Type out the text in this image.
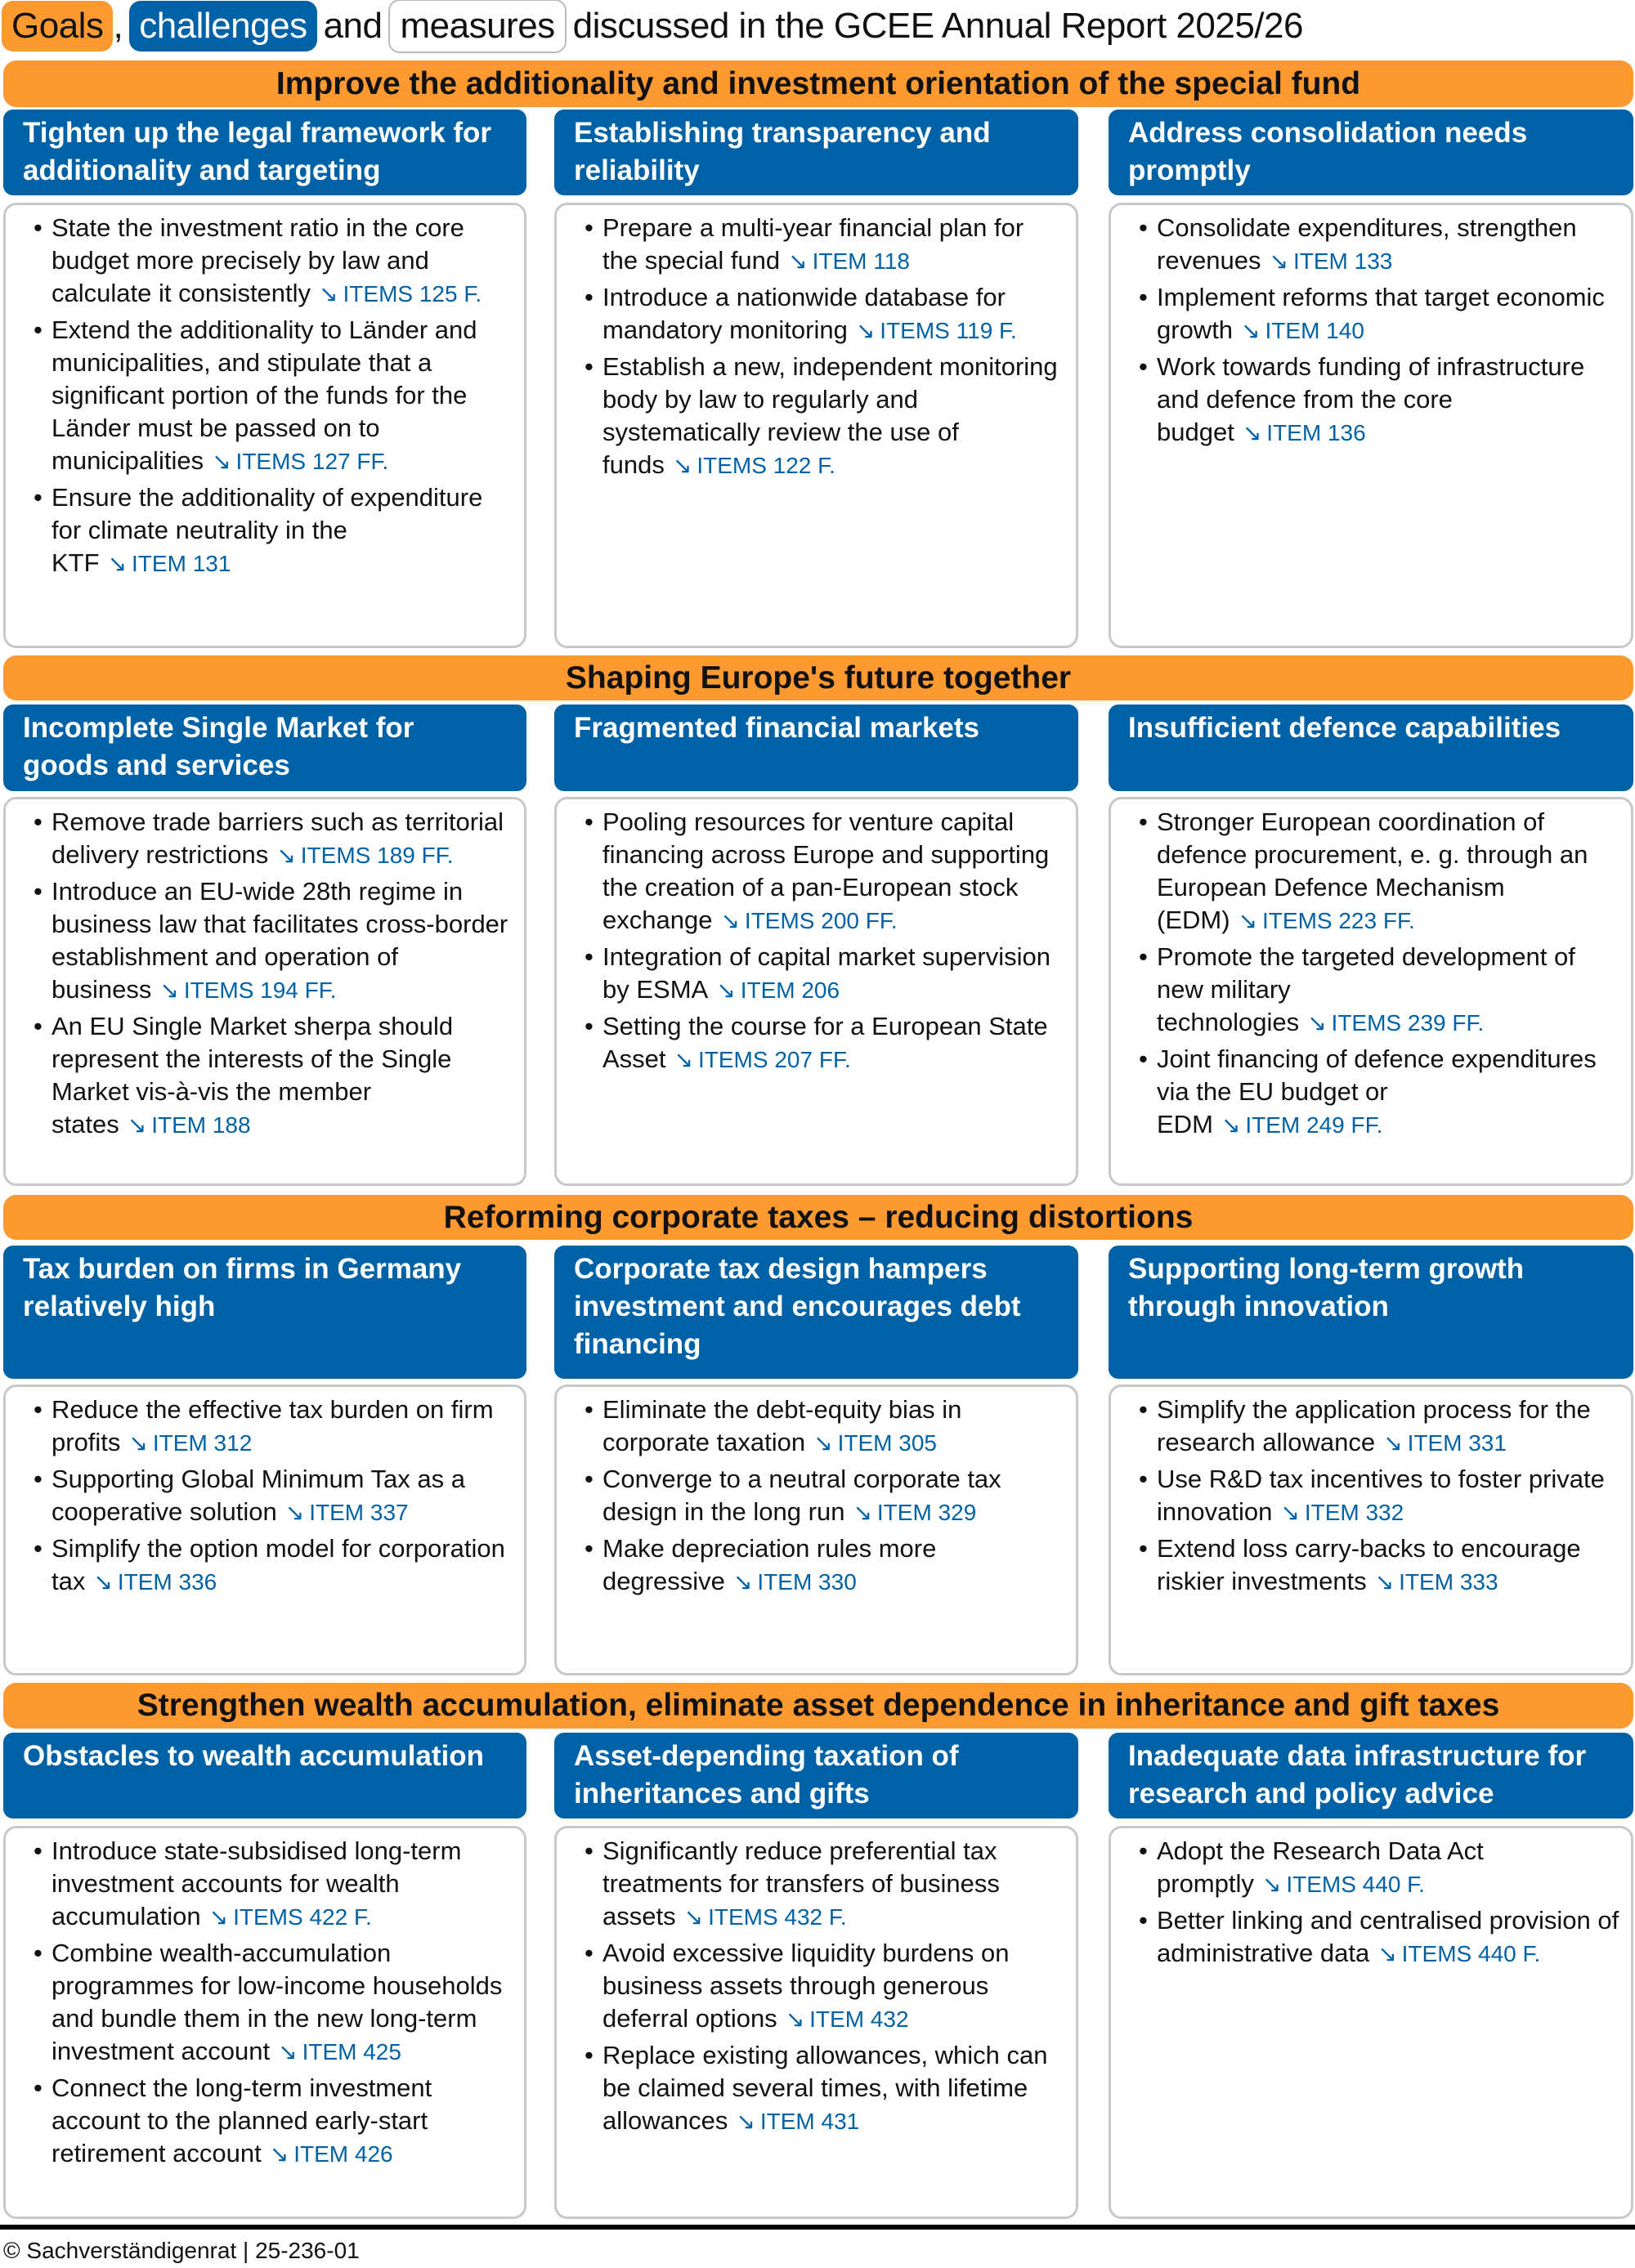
Goals , challenges and measures discussed in the GCEE Annual Report 2025/26
Improve the additionality and investment orientation of the special fund
Tighten up the legal framework for additionality and targeting
• State the investment ratio in the core budget more precisely by law and calculate it consistently ↘ ITEMS 125 F.
• Extend the additionality to Länder and municipalities, and stipulate that a significant portion of the funds for the Länder must be passed on to municipalities ↘ ITEMS 127 FF.
• Ensure the additionality of expenditure for climate neutrality in the KTF ↘ ITEM 131
Establishing transparency and reliability
• Prepare a multi-year financial plan for the special fund ↘ ITEM 118
• Introduce a nationwide database for mandatory monitoring ↘ ITEMS 119 F.
• Establish a new, independent monitoring body by law to regularly and systematically review the use of funds ↘ ITEMS 122 F.
Address consolidation needs promptly
• Consolidate expenditures, strengthen revenues ↘ ITEM 133
• Implement reforms that target economic growth ↘ ITEM 140
• Work towards funding of infrastructure and defence from the core budget ↘ ITEM 136
Shaping Europe's future together
Incomplete Single Market for goods and services
• Remove trade barriers such as territorial delivery restrictions ↘ ITEMS 189 FF.
• Introduce an EU-wide 28th regime in business law that facilitates cross-border establishment and operation of business ↘ ITEMS 194 FF.
• An EU Single Market sherpa should represent the interests of the Single Market vis-à-vis the member states ↘ ITEM 188
Fragmented financial markets
• Pooling resources for venture capital financing across Europe and supporting the creation of a pan-European stock exchange ↘ ITEMS 200 FF.
• Integration of capital market supervision by ESMA ↘ ITEM 206
• Setting the course for a European State Asset ↘ ITEMS 207 FF.
Insufficient defence capabilities
• Stronger European coordination of defence procurement, e. g. through an European Defence Mechanism (EDM) ↘ ITEMS 223 FF.
• Promote the targeted development of new military technologies ↘ ITEMS 239 FF.
• Joint financing of defence expenditures via the EU budget or EDM ↘ ITEM 249 FF.
Reforming corporate taxes – reducing distortions
Tax burden on firms in Germany relatively high
• Reduce the effective tax burden on firm profits ↘ ITEM 312
• Supporting Global Minimum Tax as a cooperative solution ↘ ITEM 337
• Simplify the option model for corporation tax ↘ ITEM 336
Corporate tax design hampers investment and encourages debt financing
• Eliminate the debt-equity bias in corporate taxation ↘ ITEM 305
• Converge to a neutral corporate tax design in the long run ↘ ITEM 329
• Make depreciation rules more degressive ↘ ITEM 330
Supporting long-term growth through innovation
• Simplify the application process for the research allowance ↘ ITEM 331
• Use R&D tax incentives to foster private innovation ↘ ITEM 332
• Extend loss carry-backs to encourage riskier investments ↘ ITEM 333
Strengthen wealth accumulation, eliminate asset dependence in inheritance and gift taxes
Obstacles to wealth accumulation
• Introduce state-subsidised long-term investment accounts for wealth accumulation ↘ ITEMS 422 F.
• Combine wealth-accumulation programmes for low-income households and bundle them in the new long-term investment account ↘ ITEM 425
• Connect the long-term investment account to the planned early-start retirement account ↘ ITEM 426
Asset-depending taxation of inheritances and gifts
• Significantly reduce preferential tax treatments for transfers of business assets ↘ ITEMS 432 F.
• Avoid excessive liquidity burdens on business assets through generous deferral options ↘ ITEM 432
• Replace existing allowances, which can be claimed several times, with lifetime allowances ↘ ITEM 431
Inadequate data infrastructure for research and policy advice
• Adopt the Research Data Act promptly ↘ ITEMS 440 F.
• Better linking and centralised provision of administrative data ↘ ITEMS 440 F.
© Sachverständigenrat | 25-236-01
